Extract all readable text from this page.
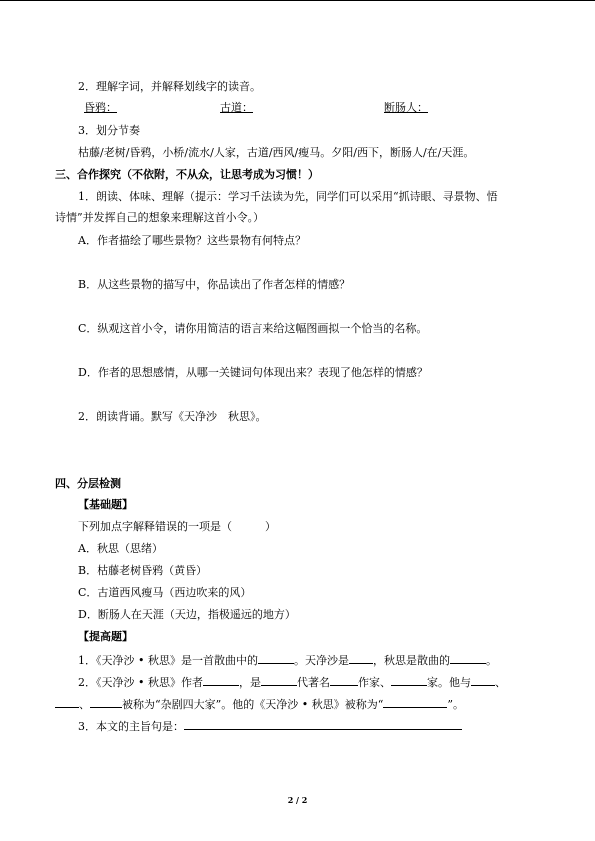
2．理解字词，并解释划线字的读音。
昏鸦：	古道：	断肠人：
3．划分节奏
枯藤/老树/昏鸦，小桥/流水/人家，古道/西风/瘦马。夕阳/西下，断肠人/在/天涯。
三、合作探究（不依附，不从众，让思考成为习惯！）
1．朗读、体味、理解（提示：学习千法读为先，同学们可以采用“抓诗眼、寻景物、悟
诗情”并发挥自己的想象来理解这首小令。）
A．作者描绘了哪些景物？这些景物有何特点？
B．从这些景物的描写中，你品读出了作者怎样的情感？
C．纵观这首小令，请你用简洁的语言来给这幅图画拟一个恰当的名称。
D．作者的思想感情，从哪一关键词句体现出来？表现了他怎样的情感？
2．朗读背诵。默写《天净沙　秋思》。
四、分层检测
【基础题】
下列加点字解释错误的一项是（　　　）
A．秋思（思绪）
B．枯藤老树昏鸦（黄昏）
C．古道西风瘦马（西边吹来的风）
D．断肠人在天涯（天边，指极遥远的地方）
【提高题】
1．《天净沙 • 秋思》是一首散曲中的	。天净沙是 ，秋思是散曲的	。
2．《天净沙 • 秋思》作者	，是	代著名	作家、	家。他与 、
、	被称为“杂剧四大家”。他的《天净沙 • 秋思》被称为“	”。
3．本文的主旨句是：
2 / 2
